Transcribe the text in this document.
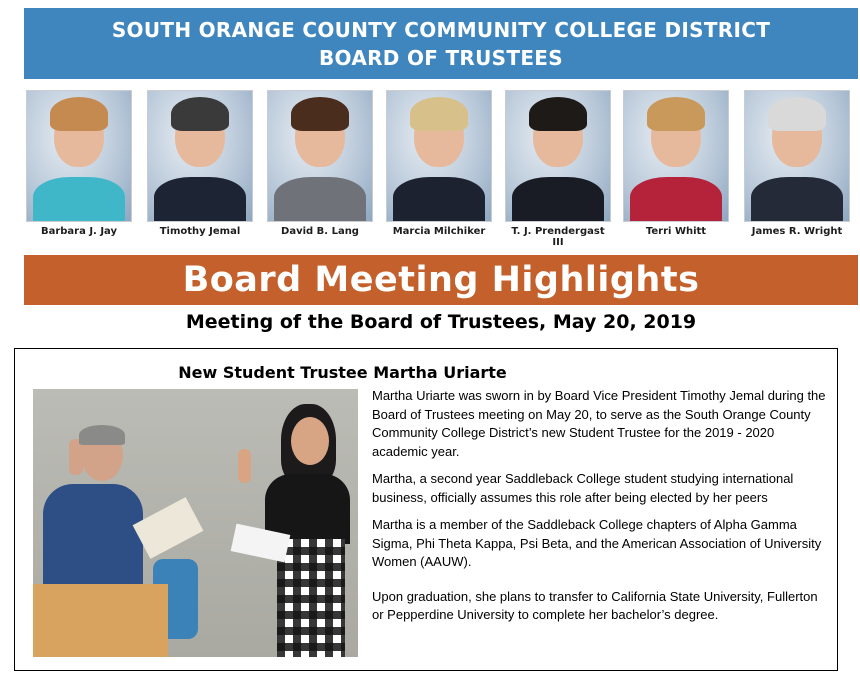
SOUTH ORANGE COUNTY COMMUNITY COLLEGE DISTRICT
BOARD OF TRUSTEES
Barbara J. Jay	Timothy Jemal	David B. Lang	Marcia Milchiker	T. J. Prendergast III
Terri Whitt	James R. Wright
Board Meeting Highlights
Meeting of the Board of Trustees, May 20, 2019
New Student Trustee Martha Uriarte

Martha Uriarte was sworn in by Board Vice President Timothy Jemal during the Board of Trustees meeting on May 20, to serve as the South Orange County Community College District’s new Student Trustee for the 2019 - 2020 academic year.

Martha, a second year Saddleback College student studying international business, officially assumes this role after being elected by her peers

Martha is a member of the Saddleback College chapters of Alpha Gamma Sigma, Phi Theta Kappa, Psi Beta, and the American Association of University Women (AAUW).

Upon graduation, she plans to transfer to California State University, Fullerton or Pepperdine University to complete her bachelor’s degree.
